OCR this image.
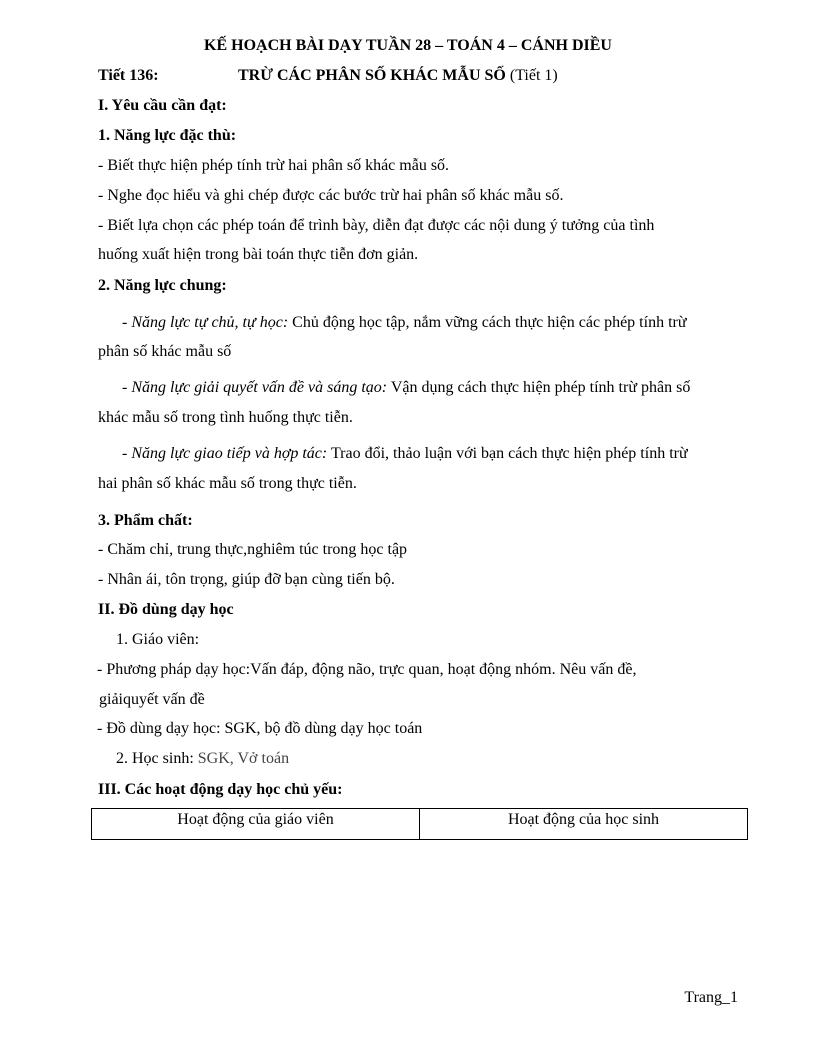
KẾ HOẠCH BÀI DẠY TUẦN 28 – TOÁN 4 – CÁNH DIỀU
Tiết 136:	TRỪ CÁC PHÂN SỐ KHÁC MẪU SỐ (Tiết 1)
I. Yêu cầu cần đạt:
1. Năng lực đặc thù:
- Biết thực hiện phép tính trừ hai phân số khác mẫu số.
- Nghe đọc hiểu và ghi chép được các bước trừ hai phân số khác mẫu số.
- Biết lựa chọn các phép toán để trình bày, diễn đạt được các nội dung ý tưởng của tình
huống xuất hiện trong bài toán thực tiễn đơn giản.
2. Năng lực chung:
- Năng lực tự chủ, tự học: Chủ động học tập, nắm vững cách thực hiện các phép tính trừ
phân số khác mẫu số
- Năng lực giải quyết vấn đề và sáng tạo: Vận dụng cách thực hiện phép tính trừ phân số
khác mẫu số trong tình huống thực tiễn.
- Năng lực giao tiếp và hợp tác: Trao đổi, thảo luận với bạn cách thực hiện phép tính trừ
hai phân số khác mẫu số trong thực tiễn.
3. Phẩm chất:
- Chăm chỉ, trung thực,nghiêm túc trong học tập
- Nhân ái, tôn trọng, giúp đỡ bạn cùng tiến bộ.
II. Đồ dùng dạy học
1. Giáo viên:
- Phương pháp dạy học:Vấn đáp, động não, trực quan, hoạt động nhóm. Nêu vấn đề,
giảiquyết vấn đề
- Đồ dùng dạy học: SGK, bộ đồ dùng dạy học toán
2. Học sinh: SGK, Vở toán
III. Các hoạt động dạy học chủ yếu:
Hoạt động của giáo viên	Hoạt động của học sinh
Trang_1
